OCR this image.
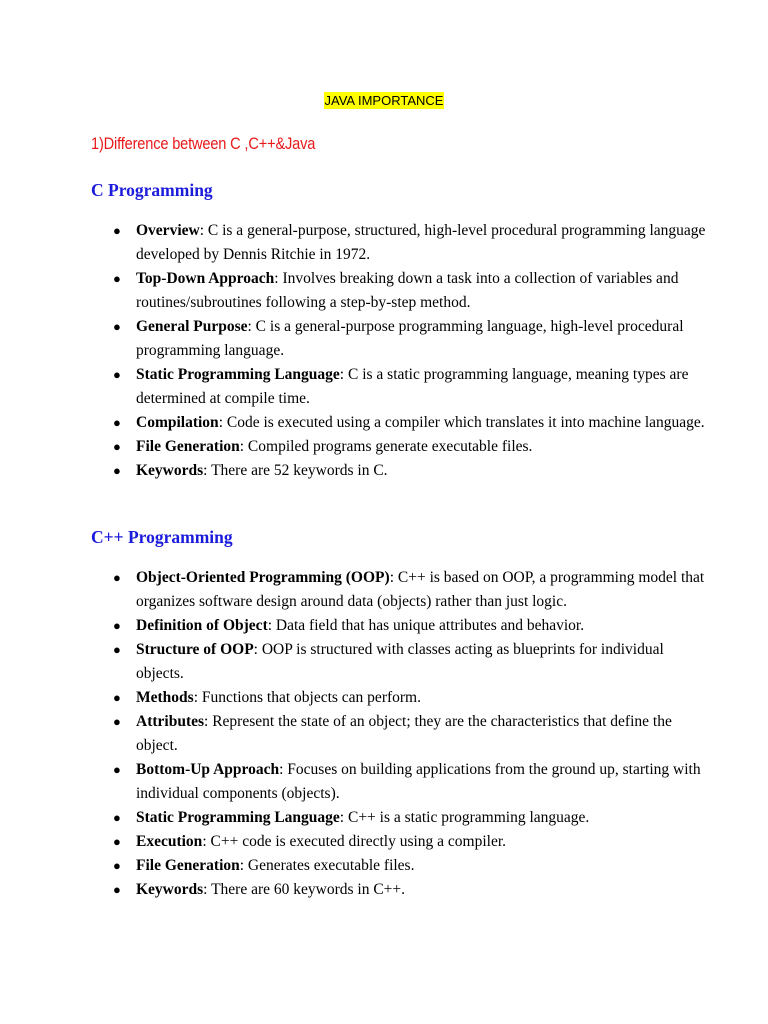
JAVA IMPORTANCE
1)Difference between C ,C++&Java
C Programming
● Overview: C is a general-purpose, structured, high-level procedural programming language developed by Dennis Ritchie in 1972.
● Top-Down Approach: Involves breaking down a task into a collection of variables and routines/subroutines following a step-by-step method.
● General Purpose: C is a general-purpose programming language, high-level procedural programming language.
● Static Programming Language: C is a static programming language, meaning types are determined at compile time.
● Compilation: Code is executed using a compiler which translates it into machine language.
● File Generation: Compiled programs generate executable files.
● Keywords: There are 52 keywords in C.
C++ Programming
● Object-Oriented Programming (OOP): C++ is based on OOP, a programming model that organizes software design around data (objects) rather than just logic.
● Definition of Object: Data field that has unique attributes and behavior.
● Structure of OOP: OOP is structured with classes acting as blueprints for individual objects.
● Methods: Functions that objects can perform.
● Attributes: Represent the state of an object; they are the characteristics that define the object.
● Bottom-Up Approach: Focuses on building applications from the ground up, starting with individual components (objects).
● Static Programming Language: C++ is a static programming language.
● Execution: C++ code is executed directly using a compiler.
● File Generation: Generates executable files.
● Keywords: There are 60 keywords in C++.
